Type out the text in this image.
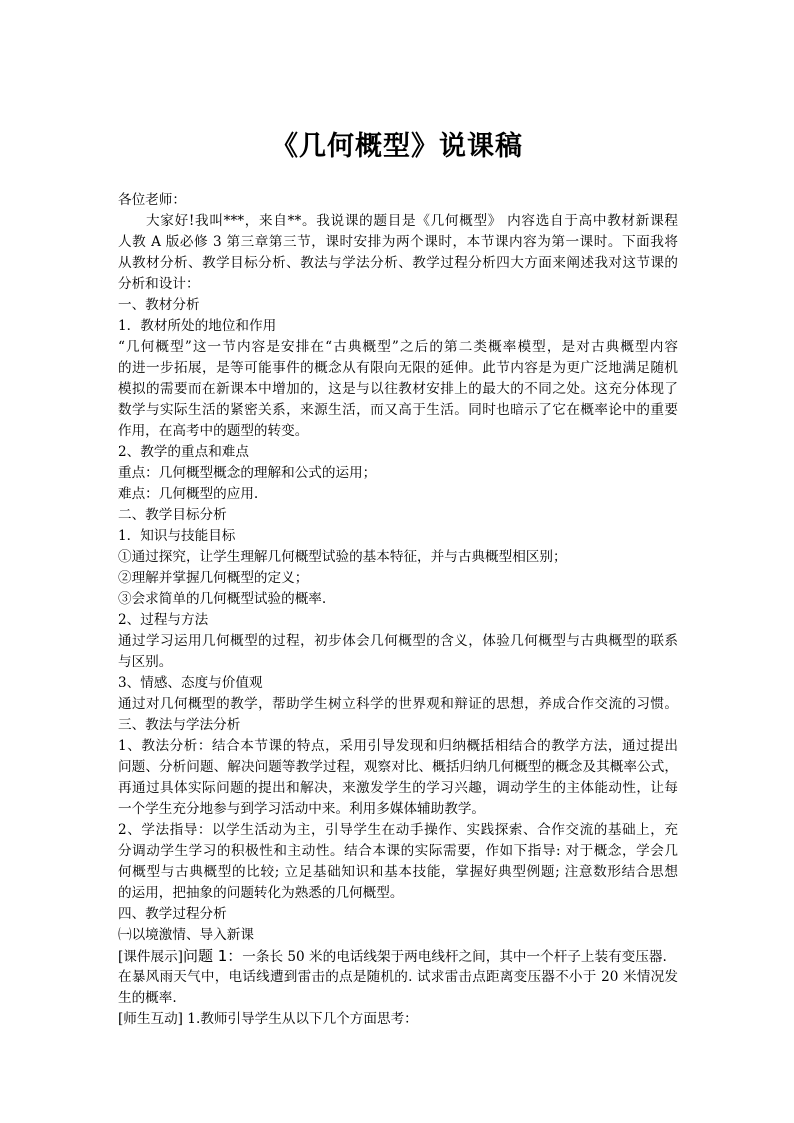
《几何概型》说课稿
各位老师：
大家好!我叫***，来自**。我说课的题目是《几何概型》 内容选自于高中教材新课程
人教 A 版必修 3 第三章第三节，课时安排为两个课时，本节课内容为第一课时。下面我将
从教材分析、教学目标分析、教法与学法分析、教学过程分析四大方面来阐述我对这节课的
分析和设计：
一、教材分析
1．教材所处的地位和作用
“几何概型”这一节内容是安排在“古典概型”之后的第二类概率模型，是对古典概型内容
的进一步拓展，是等可能事件的概念从有限向无限的延伸。此节内容是为更广泛地满足随机
模拟的需要而在新课本中增加的，这是与以往教材安排上的最大的不同之处。这充分体现了
数学与实际生活的紧密关系，来源生活，而又高于生活。同时也暗示了它在概率论中的重要
作用，在高考中的题型的转变。
2、教学的重点和难点
重点：几何概型概念的理解和公式的运用；
难点：几何概型的应用.
二、教学目标分析
1．知识与技能目标
①通过探究，让学生理解几何概型试验的基本特征，并与古典概型相区别；
②理解并掌握几何概型的定义；
③会求简单的几何概型试验的概率.
2、过程与方法
通过学习运用几何概型的过程，初步体会几何概型的含义，体验几何概型与古典概型的联系
与区别。
3、情感、态度与价值观
通过对几何概型的教学，帮助学生树立科学的世界观和辩证的思想，养成合作交流的习惯。
三、教法与学法分析
1、教法分析：结合本节课的特点，采用引导发现和归纳概括相结合的教学方法，通过提出
问题、分析问题、解决问题等教学过程，观察对比、概括归纳几何概型的概念及其概率公式，
再通过具体实际问题的提出和解决，来激发学生的学习兴趣，调动学生的主体能动性，让每
一个学生充分地参与到学习活动中来。利用多媒体辅助教学。
2、学法指导：以学生活动为主，引导学生在动手操作、实践探索、合作交流的基础上，充
分调动学生学习的积极性和主动性。结合本课的实际需要，作如下指导: 对于概念，学会几
何概型与古典概型的比较; 立足基础知识和基本技能，掌握好典型例题; 注意数形结合思想
的运用，把抽象的问题转化为熟悉的几何概型。
四、教学过程分析
㈠以境激情、导入新课
[课件展示]问题 1：一条长 50 米的电话线架于两电线杆之间，其中一个杆子上装有变压器.
在暴风雨天气中，电话线遭到雷击的点是随机的. 试求雷击点距离变压器不小于 20 米情况发
生的概率.
[师生互动] 1.教师引导学生从以下几个方面思考：
